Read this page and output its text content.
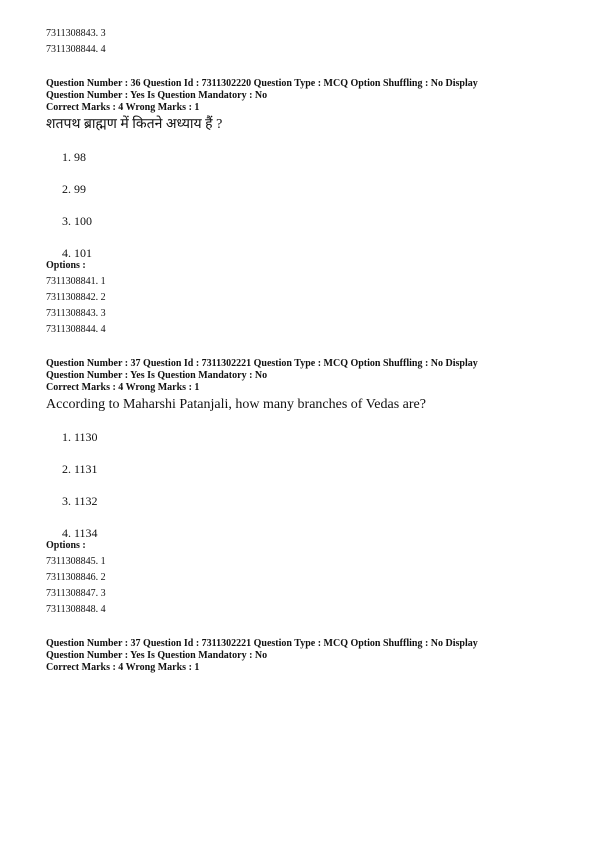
7311308843. 3
7311308844. 4
Question Number : 36 Question Id : 7311302220 Question Type : MCQ Option Shuffling : No Display
Question Number : Yes Is Question Mandatory : No
Correct Marks : 4 Wrong Marks : 1
शतपथ ब्राह्मण में कितने अध्याय हैं ?
1. 98
2. 99
3. 100
4. 101
Options :
7311308841. 1
7311308842. 2
7311308843. 3
7311308844. 4
Question Number : 37 Question Id : 7311302221 Question Type : MCQ Option Shuffling : No Display
Question Number : Yes Is Question Mandatory : No
Correct Marks : 4 Wrong Marks : 1
According to Maharshi Patanjali, how many branches of Vedas are?
1. 1130
2. 1131
3. 1132
4. 1134
Options :
7311308845. 1
7311308846. 2
7311308847. 3
7311308848. 4
Question Number : 37 Question Id : 7311302221 Question Type : MCQ Option Shuffling : No Display
Question Number : Yes Is Question Mandatory : No
Correct Marks : 4 Wrong Marks : 1
